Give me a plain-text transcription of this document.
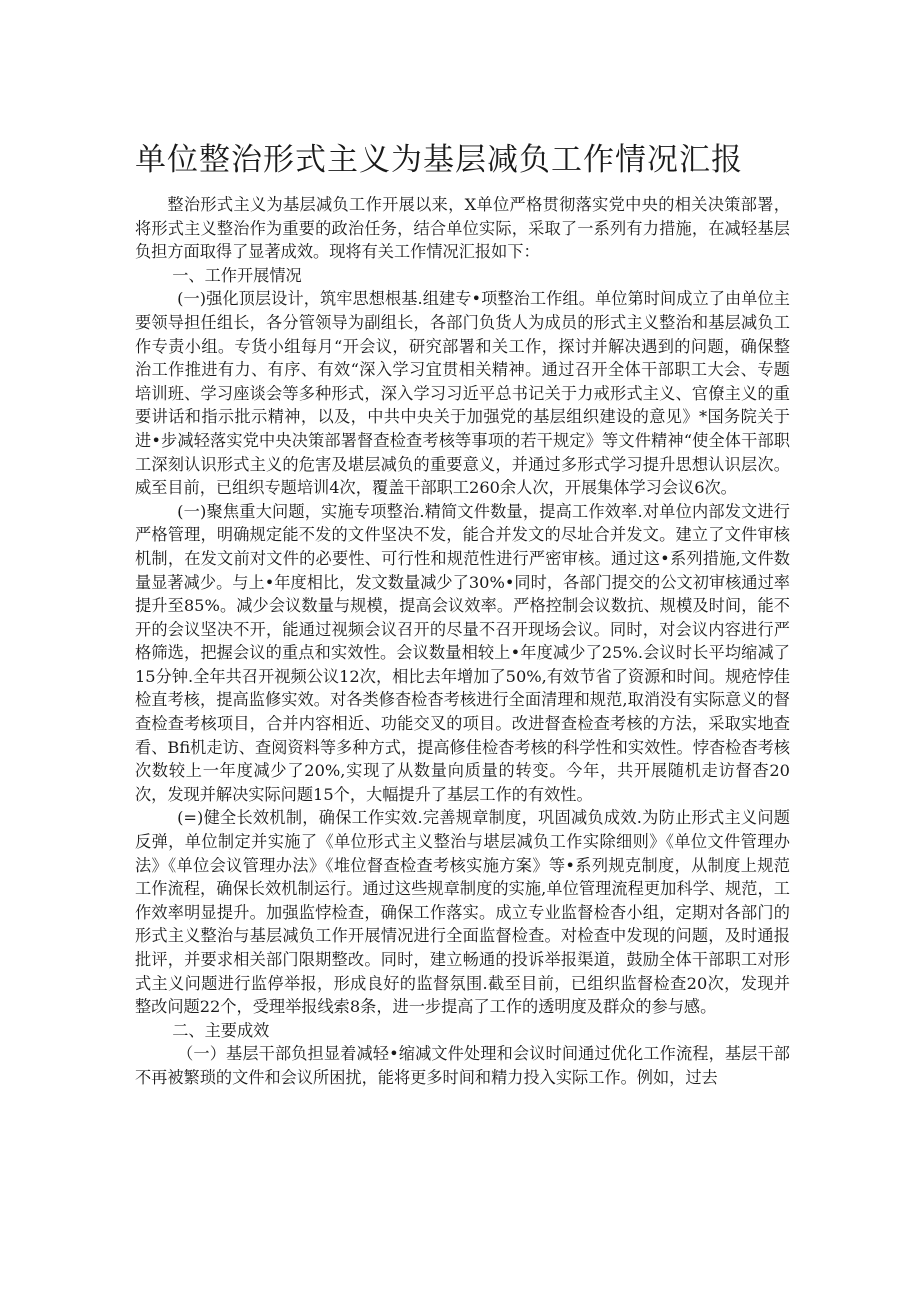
单位整治形式主义为基层减负工作情况汇报

整治形式主义为基层减负工作开展以来，X单位严格贯彻落实党中央的相关决策部署，将形式主义整治作为重要的政治任务，结合单位实际，采取了一系列有力措施，在减轻基层负担方面取得了显著成效。现将有关工作情况汇报如下：

一、工作开展情况

(一)强化顶层设计，筑牢思想根基.组建专•项整治工作组。单位第时间成立了由单位主要领导担任组长，各分管领导为副组长，各部门负货人为成员的形式主义整治和基层减负工作专责小组。专货小组每月“开会议，研究部署和关工作，探讨并解决遇到的问题，确保整治工作推进有力、有序、有效“深入学习宜贯相关精神。通过召开全体干部职工大会、专题培训班、学习座谈会等多种形式，深入学习习近平总书记关于力戒形式主义、官僚主义的重要讲话和指示批示精神，以及，中共中央关于加强党的基层组织建设的意见》*国务院关于进•步减轻落实党中央决策部署督查检查考核等事项的若干规定》等文件精神“使全体干部职工深刻认识形式主义的危害及堪层减负的重要意义，并通过多形式学习提升思想认识层次。威至目前，已组织专题培训4次，覆盖干部职工260余人次，开展集体学习会议6次。

(一)聚焦重大问题，实施专项整治.精简文件数量，提高工作效率.对单位内部发文进行严格管理，明确规定能不发的文件坚决不发，能合并发文的尽址合并发文。建立了文件审核机制，在发文前对文件的必要性、可行性和规范性进行严密审核。通过这•系列措施,文件数量显著减少。与上•年度相比，发文数量减少了30%•同时，各部门提交的公文初审核通过率提升至85%。减少会议数量与规模，提高会议效率。严格控制会议数抗、规模及时间，能不开的会议坚决不开，能通过视频会议召开的尽量不召开现场会议。同时，对会议内容进行严格筛选，把握会议的重点和实效性。会议数量相较上•年度减少了25%.会议时长平均缩减了15分钟.全年共召开视频公议12次，相比去年增加了50%,有效节省了资源和时间。规疮悖佳检直考核，提高监修实效。对各类修杳检杳考核进行全面清理和规范,取消没有实际意义的督查检查考核项目，合并内容相近、功能交叉的项目。改进督查检查考核的方法，采取实地查看、Bfi机走访、查阅资料等多种方式，提高修佳检杳考核的科学性和实效性。悖杳检杳考核次数较上一年度减少了20%,实现了从数量向质量的转变。今年，共开展随机走访督杳20次，发现并解决实际问题15个，大幅提升了基层工作的有效性。

(=)健全长效机制，确保工作实效.完善规章制度，巩固减负成效.为防止形式主义问题反弹，单位制定并实施了《单位形式主义整治与堪层减负工作实除细则》《单位文件管理办法》《单位会议管理办法》《堆位督查检查考核实施方案》等•系列规克制度，从制度上规范工作流程，确保长效机制运行。通过这些规章制度的实施,单位管理流程更加科学、规范，工作效率明显提升。加强监悖检查，确保工作落实。成立专业监督检杳小组，定期对各部门的形式主义整治与基层减负工作开展情况进行全面监督检查。对检查中发现的问题，及时通报批评，并要求相关部门限期整改。同时，建立畅通的投诉举报渠道，鼓励全体干部职工对形式主义问题进行监停举报，形成良好的监督氛围.截至目前，已组织监督检查20次，发现并整改问题22个，受理举报线索8条，进一步提高了工作的透明度及群众的参与感。

二、主要成效

（一）基层干部负担显着减轻•缩减文件处理和会议时间通过优化工作流程，基层干部不再被繁琐的文件和会议所困扰，能将更多时间和精力投入实际工作。例如，过去
